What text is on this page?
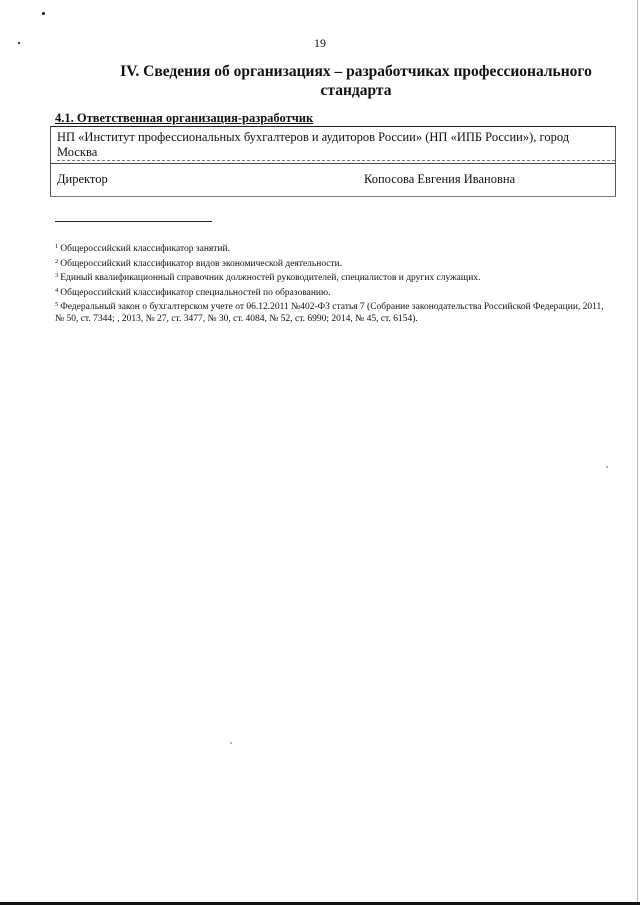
19
IV. Сведения об организациях – разработчиках профессионального стандарта
4.1. Ответственная организация-разработчик
НП «Институт профессиональных бухгалтеров и аудиторов России» (НП «ИПБ России»), город
Москва
Директор	Копосова Евгения Ивановна

$^1$ Общероссийский классификатор занятий.

$^2$ Общероссийский классификатор видов экономической деятельности.

$^3$ Единый квалификационный справочник должностей руководителей, специалистов и других служащих.

$^4$ Общероссийский классификатор специальностей по образованию.

$^5$ Федеральный закон о бухгалтерском учете от 06.12.2011 №402-ФЗ статья 7 (Собрание законодательства Российской Федерации, 2011, № 50, ст. 7344; , 2013, № 27, ст. 3477, № 30, ст. 4084, № 52, ст. 6990; 2014, № 45, ст. 6154).
